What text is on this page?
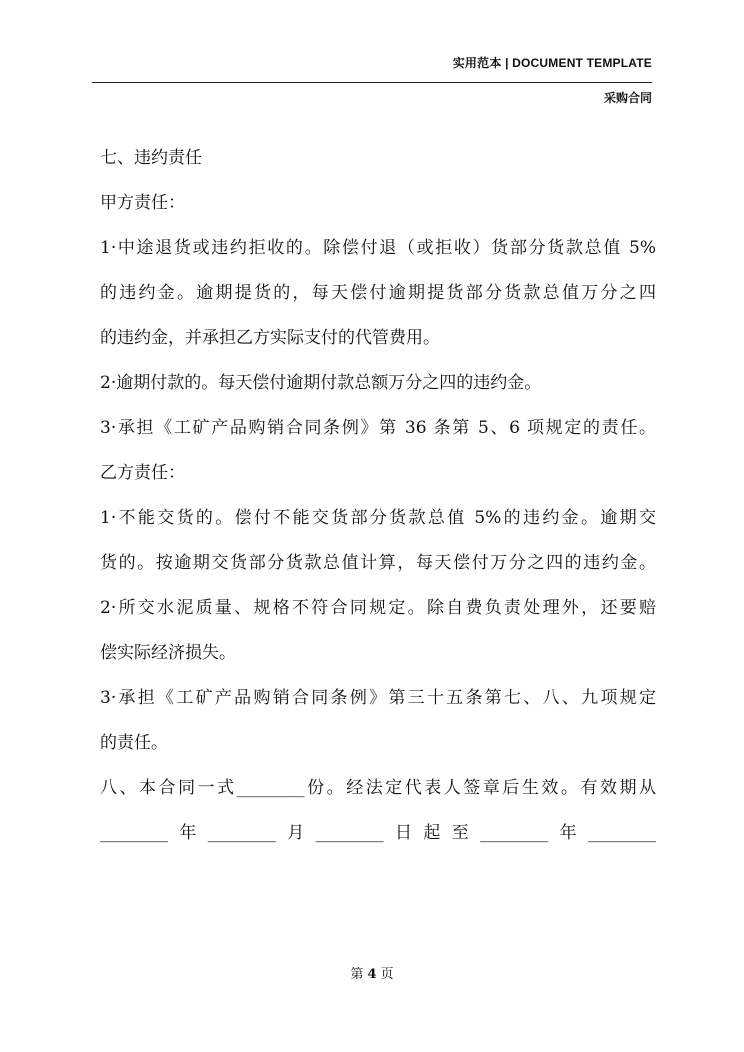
实用范本 | DOCUMENT TEMPLATE
采购合同
七、违约责任
甲方责任：
1·中途退货或违约拒收的。除偿付退（或拒收）货部分货款总值 5%
的违约金。逾期提货的，每天偿付逾期提货部分货款总值万分之四
的违约金，并承担乙方实际支付的代管费用。
2·逾期付款的。每天偿付逾期付款总额万分之四的违约金。
3·承担《工矿产品购销合同条例》第 36 条第 5、6 项规定的责任。
乙方责任：
1·不能交货的。偿付不能交货部分货款总值 5%的违约金。逾期交
货的。按逾期交货部分货款总值计算，每天偿付万分之四的违约金。
2·所交水泥质量、规格不符合同规定。除自费负责处理外，还要赔
偿实际经济损失。
3·承担《工矿产品购销合同条例》第三十五条第七、八、九项规定
的责任。
八、本合同一式________份。经法定代表人签章后生效。有效期从
________年________月________日起至________年________
第 4 页
